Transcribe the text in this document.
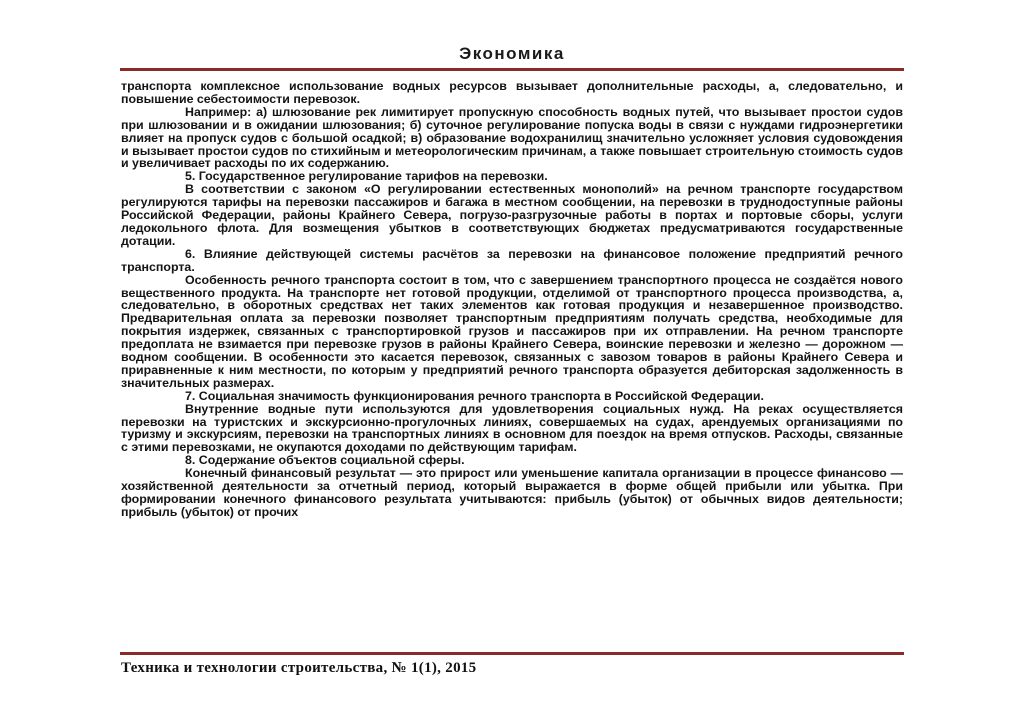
Экономика

транспорта комплексное использование водных ресурсов вызывает дополнительные расходы, а, следовательно, и повышение себестоимости перевозок.

Например: а) шлюзование рек лимитирует пропускную способность водных путей, что вызывает простои судов при шлюзовании и в ожидании шлюзования; б) суточное регулирование попуска воды в связи с нуждами гидроэнергетики влияет на пропуск судов с большой осадкой; в) образование водохранилищ значительно усложняет условия судовождения и вызывает простои судов по стихийным и метеорологическим причинам, а также повышает строительную стоимость судов и увеличивает расходы по их содержанию.

5. Государственное регулирование тарифов на перевозки.

В соответствии с законом «О регулировании естественных монополий» на речном транспорте государством регулируются тарифы на перевозки пассажиров и багажа в местном сообщении, на перевозки в труднодоступные районы Российской Федерации, районы Крайнего Севера, погрузо-разгрузочные работы в портах и портовые сборы, услуги ледокольного флота. Для возмещения убытков в соответствующих бюджетах предусматриваются государственные дотации.

6. Влияние действующей системы расчётов за перевозки на финансовое положение предприятий речного транспорта.

Особенность речного транспорта состоит в том, что с завершением транспортного процесса не создаётся нового вещественного продукта. На транспорте нет готовой продукции, отделимой от транспортного процесса производства, а, следовательно, в оборотных средствах нет таких элементов как готовая продукция и незавершенное производство. Предварительная оплата за перевозки позволяет транспортным предприятиям получать средства, необходимые для покрытия издержек, связанных с транспортировкой грузов и пассажиров при их отправлении. На речном транспорте предоплата не взимается при перевозке грузов в районы Крайнего Севера, воинские перевозки и железно — дорожном — водном сообщении. В особенности это касается перевозок, связанных с завозом товаров в районы Крайнего Севера и приравненные к ним местности, по которым у предприятий речного транспорта образуется дебиторская задолженность в значительных размерах.

7. Социальная значимость функционирования речного транспорта в Российской Федерации.

Внутренние водные пути используются для удовлетворения социальных нужд. На реках осуществляется перевозки на туристских и экскурсионно-прогулочных линиях, совершаемых на судах, арендуемых организациями по туризму и экскурсиям, перевозки на транспортных линиях в основном для поездок на время отпусков. Расходы, связанные с этими перевозками, не окупаются доходами по действующим тарифам.

8. Содержание объектов социальной сферы.

Конечный финансовый результат — это прирост или уменьшение капитала организации в процессе финансово — хозяйственной деятельности за отчетный период, который выражается в форме общей прибыли или убытка. При формировании конечного финансового результата учитываются: прибыль (убыток) от обычных видов деятельности; прибыль (убыток) от прочих

Техника и технологии строительства, № 1(1), 2015
